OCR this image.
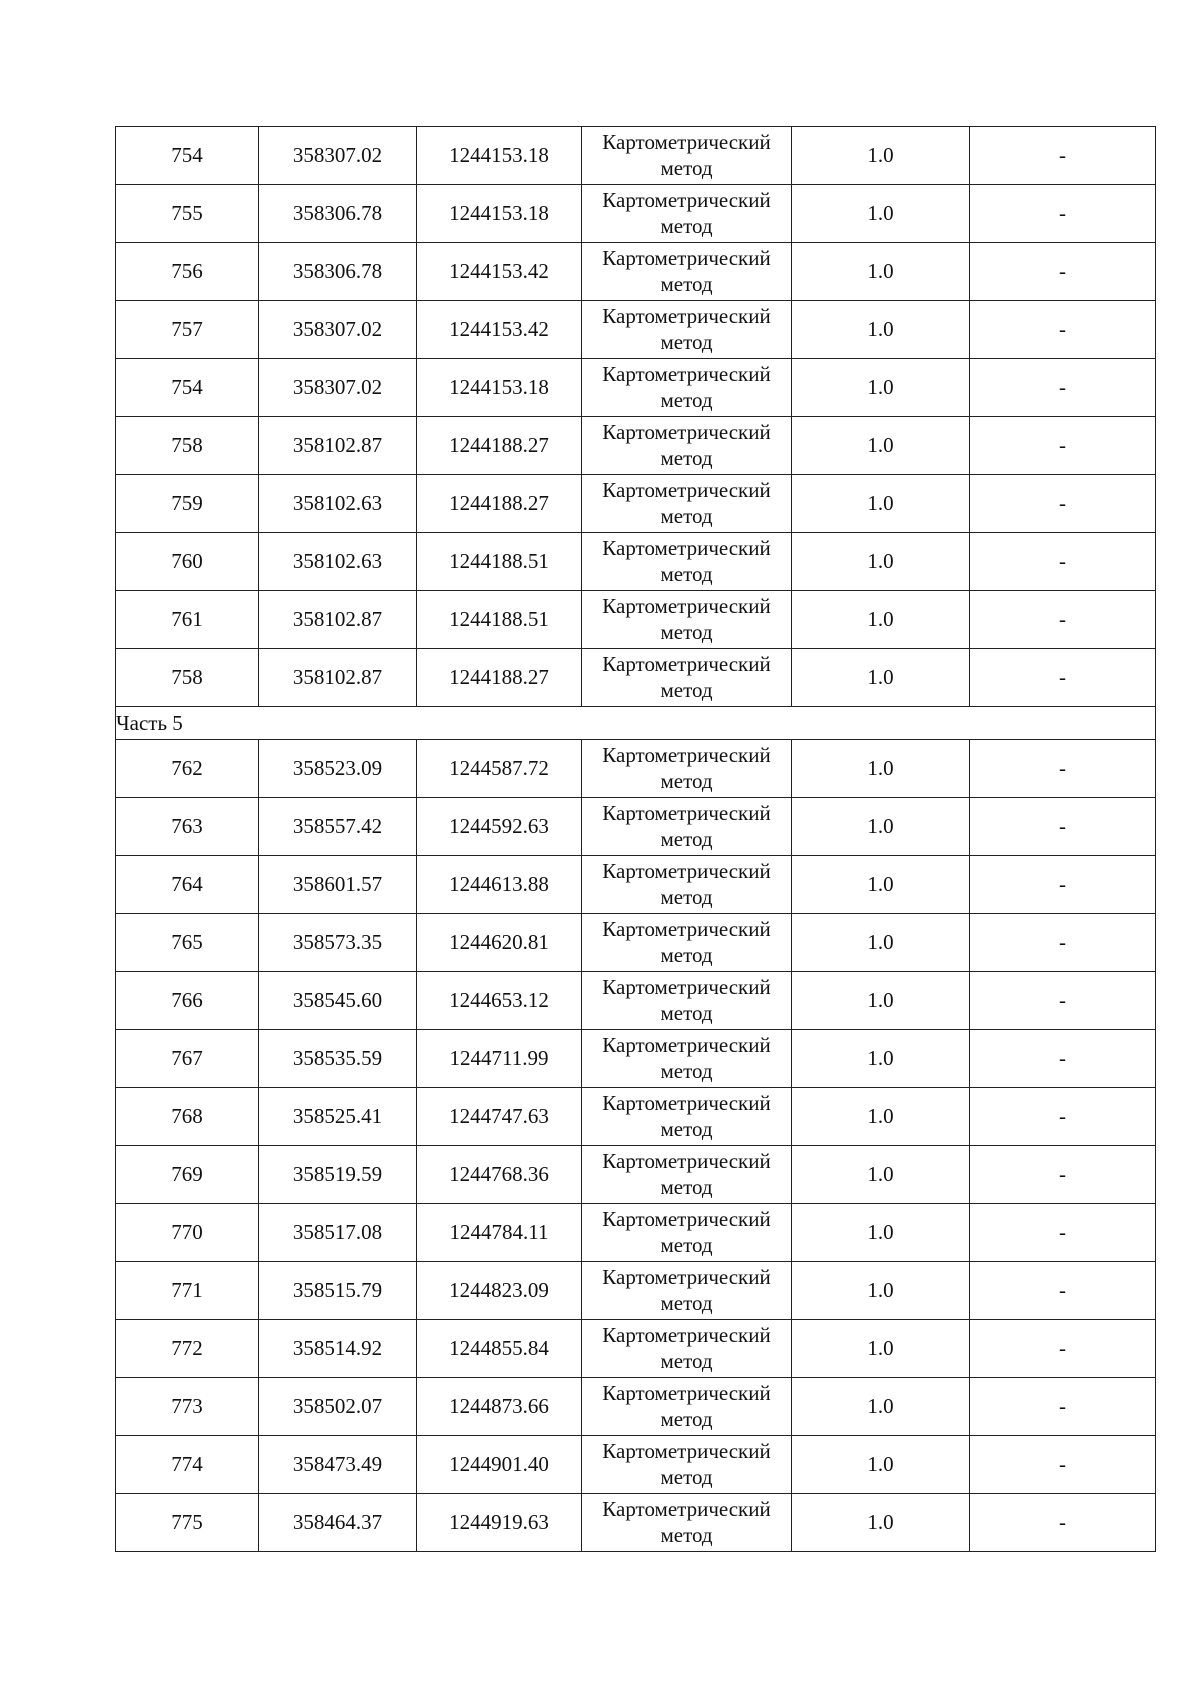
754	358307.02	1244153.18	Картометрический
метод	1.0	-
755	358306.78	1244153.18	Картометрический
метод	1.0	-
756	358306.78	1244153.42	Картометрический
метод	1.0	-
757	358307.02	1244153.42	Картометрический
метод	1.0	-
754	358307.02	1244153.18	Картометрический
метод	1.0	-
758	358102.87	1244188.27	Картометрический
метод	1.0	-
759	358102.63	1244188.27	Картометрический
метод	1.0	-
760	358102.63	1244188.51	Картометрический
метод	1.0	-
761	358102.87	1244188.51	Картометрический
метод	1.0	-
758	358102.87	1244188.27	Картометрический
метод	1.0	-
Часть 5					
762	358523.09	1244587.72	Картометрический
метод	1.0	-
763	358557.42	1244592.63	Картометрический
метод	1.0	-
764	358601.57	1244613.88	Картометрический
метод	1.0	-
765	358573.35	1244620.81	Картометрический
метод	1.0	-
766	358545.60	1244653.12	Картометрический
метод	1.0	-
767	358535.59	1244711.99	Картометрический
метод	1.0	-
768	358525.41	1244747.63	Картометрический
метод	1.0	-
769	358519.59	1244768.36	Картометрический
метод	1.0	-
770	358517.08	1244784.11	Картометрический
метод	1.0	-
771	358515.79	1244823.09	Картометрический
метод	1.0	-
772	358514.92	1244855.84	Картометрический
метод	1.0	-
773	358502.07	1244873.66	Картометрический
метод	1.0	-
774	358473.49	1244901.40	Картометрический
метод	1.0	-
775	358464.37	1244919.63	Картометрический
метод	1.0	-
